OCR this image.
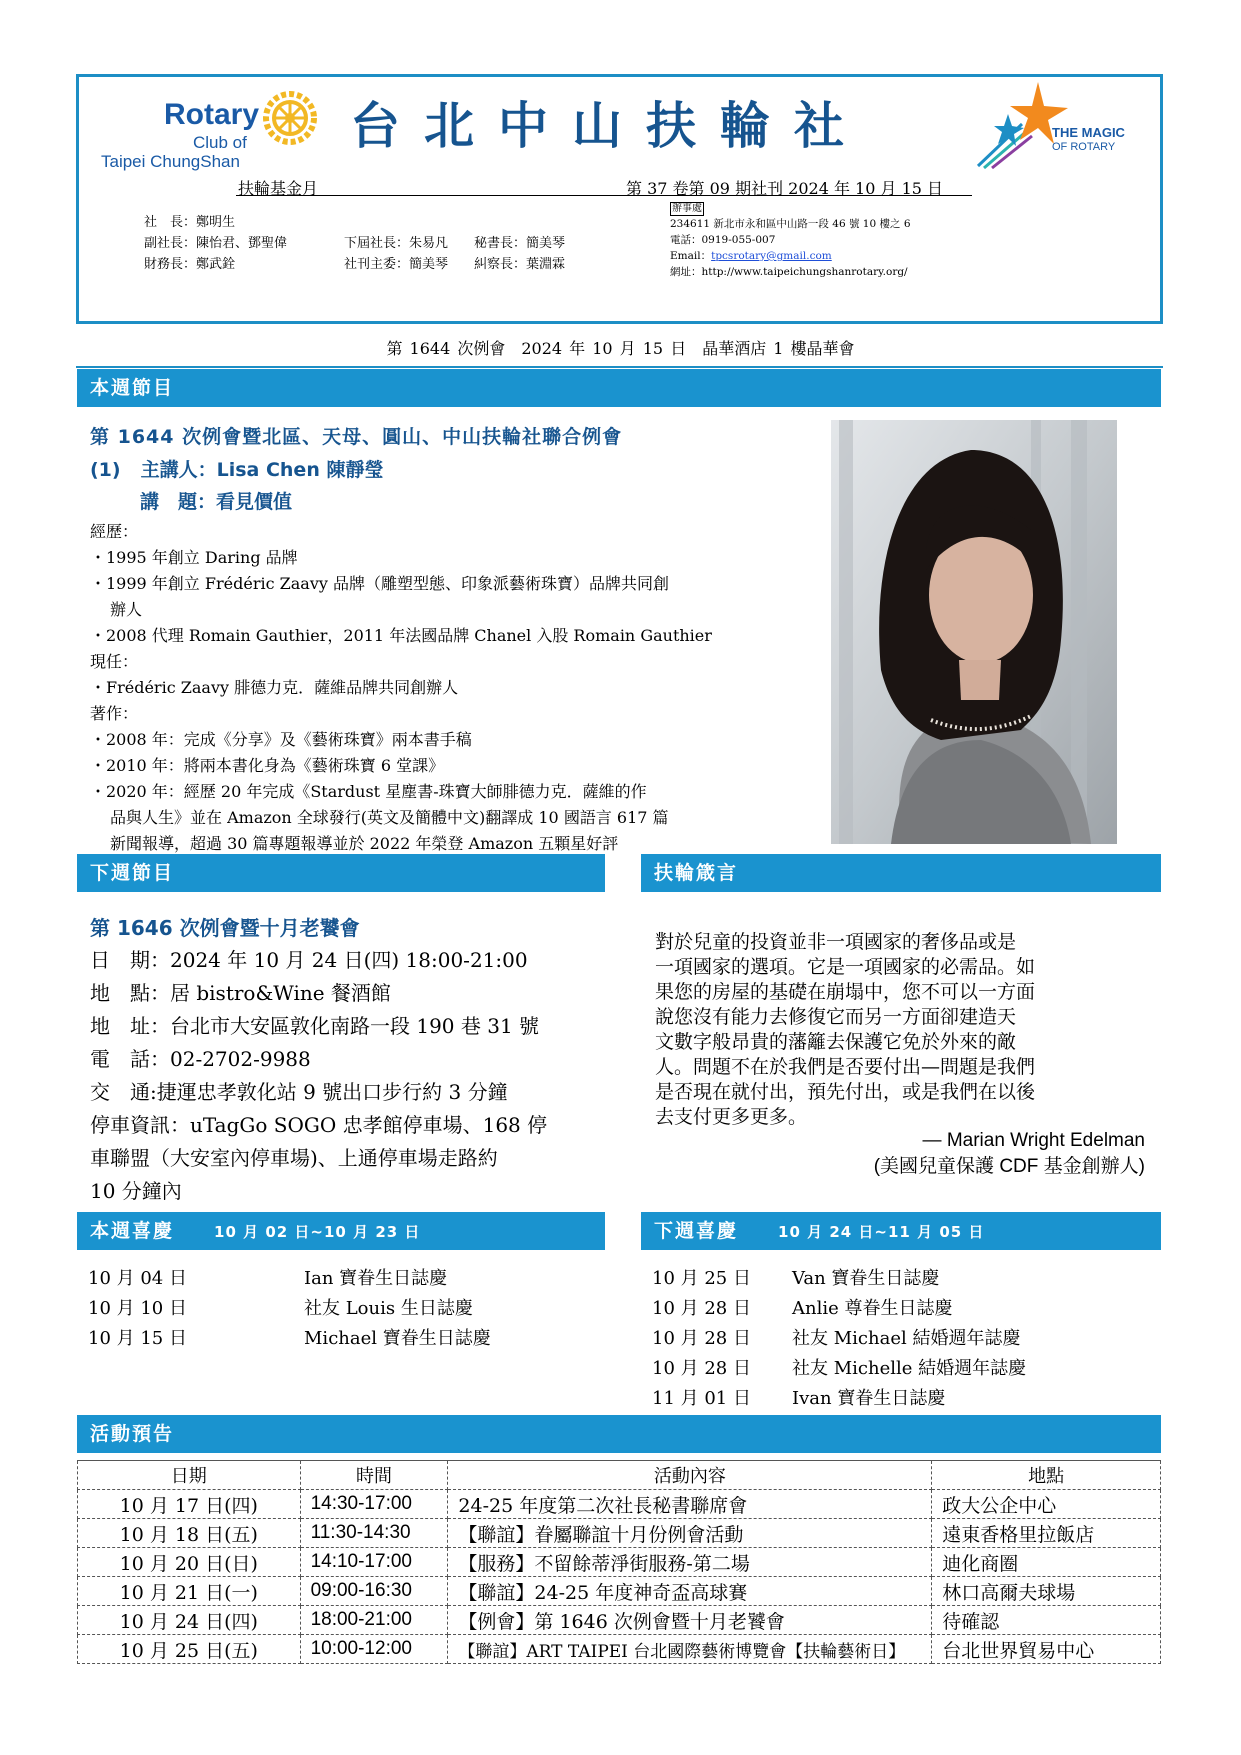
Rotary
Club of
Taipei ChungShan
台北中山扶輪社	THE MAGIC
OF ROTARY
扶輪基金月	第 37 卷第 09 期社刊 2024 年 10 月 15 日
社　長：鄭明生
副社長：陳怡君、鄧聖偉	下屆社長：朱易凡 秘書長：簡美琴
財務長：鄭武銓	社刊主委：簡美琴 糾察長：葉淵霖
辦事處
234611 新北市永和區中山路一段 46 號 10 樓之 6
電話：0919-055-007
Email：tpcsrotary@gmail.com
網址：http://www.taipeichungshanrotary.org/
第 1644 次例會　2024 年 10 月 15 日　晶華酒店 1 樓晶華會
本週節目
第 1644 次例會暨北區、天母、圓山、中山扶輪社聯合例會
(1) 主講人：Lisa Chen 陳靜瑩
講　題：看見價值
經歷：
・1995 年創立 Daring 品牌
・1999 年創立 Frédéric Zaavy 品牌（雕塑型態、印象派藝術珠寶）品牌共同創
辦人
・2008 代理 Romain Gauthier，2011 年法國品牌 Chanel 入股 Romain Gauthier
現任：
・Frédéric Zaavy 腓德力克．薩維品牌共同創辦人
著作：
・2008 年：完成《分享》及《藝術珠寶》兩本書手稿
・2010 年：將兩本書化身為《藝術珠寶 6 堂課》
・2020 年：經歷 20 年完成《Stardust 星塵書-珠寶大師腓德力克．薩維的作
品與人生》並在 Amazon 全球發行(英文及簡體中文)翻譯成 10 國語言 617 篇
新聞報導，超過 30 篇專題報導並於 2022 年榮登 Amazon 五顆星好評
下週節目	扶輪箴言
第 1646 次例會暨十月老饕會
日　期：2024 年 10 月 24 日(四) 18:00-21:00
地　點：居 bistro&Wine 餐酒館
地　址：台北市大安區敦化南路一段 190 巷 31 號
電　話：02-2702-9988
交　通:捷運忠孝敦化站 9 號出口步行約 3 分鐘
停車資訊：uTagGo SOGO 忠孝館停車場、168 停
車聯盟（大安室內停車場)、上通停車場走路約
10 分鐘內
對於兒童的投資並非一項國家的奢侈品或是
一項國家的選項。它是一項國家的必需品。如
果您的房屋的基礎在崩塌中，您不可以一方面
說您沒有能力去修復它而另一方面卻建造天
文數字般昂貴的藩籬去保護它免於外來的敵
人。問題不在於我們是否要付出—問題是我們
是否現在就付出，預先付出，或是我們在以後
去支付更多更多。
— Marian Wright Edelman
(美國兒童保護 CDF 基金創辦人)
本週喜慶	10 月 02 日~10 月 23 日	下週喜慶	10 月 24 日~11 月 05 日
10 月 04 日	Ian 寶眷生日誌慶
10 月 10 日	社友 Louis 生日誌慶
10 月 15 日	Michael 寶眷生日誌慶
10 月 25 日 Van 寶眷生日誌慶
10 月 28 日 Anlie 尊眷生日誌慶
10 月 28 日 社友 Michael 結婚週年誌慶
10 月 28 日 社友 Michelle 結婚週年誌慶
11 月 01 日 Ivan 寶眷生日誌慶
活動預告
日期	時間	活動內容	地點
10 月 17 日(四)	14:30-17:00	24-25 年度第二次社長秘書聯席會	政大公企中心
10 月 18 日(五)	11:30-14:30	【聯誼】眷屬聯誼十月份例會活動	遠東香格里拉飯店
10 月 20 日(日)	14:10-17:00	【服務】不留餘蒂淨街服務-第二場	迪化商圈
10 月 21 日(一)	09:00-16:30	【聯誼】24-25 年度神奇盃高球賽	林口高爾夫球場
10 月 24 日(四)	18:00-21:00	【例會】第 1646 次例會暨十月老饕會	待確認
10 月 25 日(五)	10:00-12:00	【聯誼】ART TAIPEI 台北國際藝術博覽會【扶輪藝術日】	台北世界貿易中心
